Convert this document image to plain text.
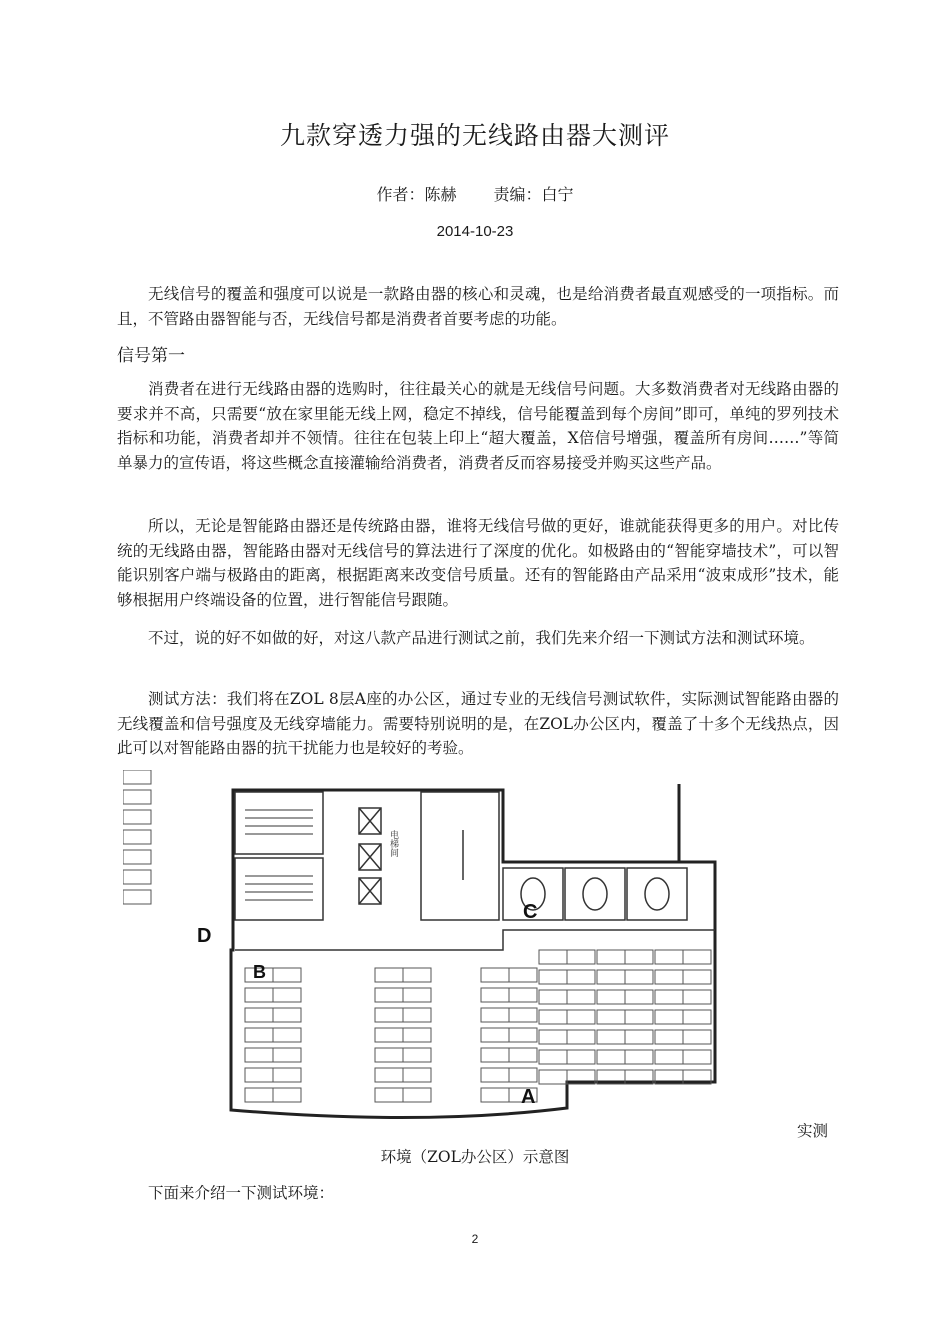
九款穿透力强的无线路由器大测评
作者：陈赫 责编：白宁
2014-10-23

无线信号的覆盖和强度可以说是一款路由器的核心和灵魂，也是给消费者最直观感受的一项指标。而且，不管路由器智能与否，无线信号都是消费者首要考虑的功能。

信号第一

消费者在进行无线路由器的选购时，往往最关心的就是无线信号问题。大多数消费者对无线路由器的要求并不高，只需要“放在家里能无线上网，稳定不掉线，信号能覆盖到每个房间”即可，单纯的罗列技术指标和功能，消费者却并不领情。往往在包装上印上“超大覆盖，X倍信号增强，覆盖所有房间……”等简单暴力的宣传语，将这些概念直接灌输给消费者，消费者反而容易接受并购买这些产品。

所以，无论是智能路由器还是传统路由器，谁将无线信号做的更好，谁就能获得更多的用户。对比传统的无线路由器，智能路由器对无线信号的算法进行了深度的优化。如极路由的“智能穿墙技术”，可以智能识别客户端与极路由的距离，根据距离来改变信号质量。还有的智能路由产品采用“波束成形”技术，能够根据用户终端设备的位置，进行智能信号跟随。

不过，说的好不如做的好，对这八款产品进行测试之前，我们先来介绍一下测试方法和测试环境。

测试方法：我们将在ZOL 8层A座的办公区，通过专业的无线信号测试软件，实际测试智能路由器的无线覆盖和信号强度及无线穿墙能力。需要特别说明的是，在ZOL办公区内，覆盖了十多个无线热点，因此可以对智能路由器的抗干扰能力也是较好的考验。

电梯间
A
B
C
D
实测
环境（ZOL办公区）示意图

下面来介绍一下测试环境：

2
